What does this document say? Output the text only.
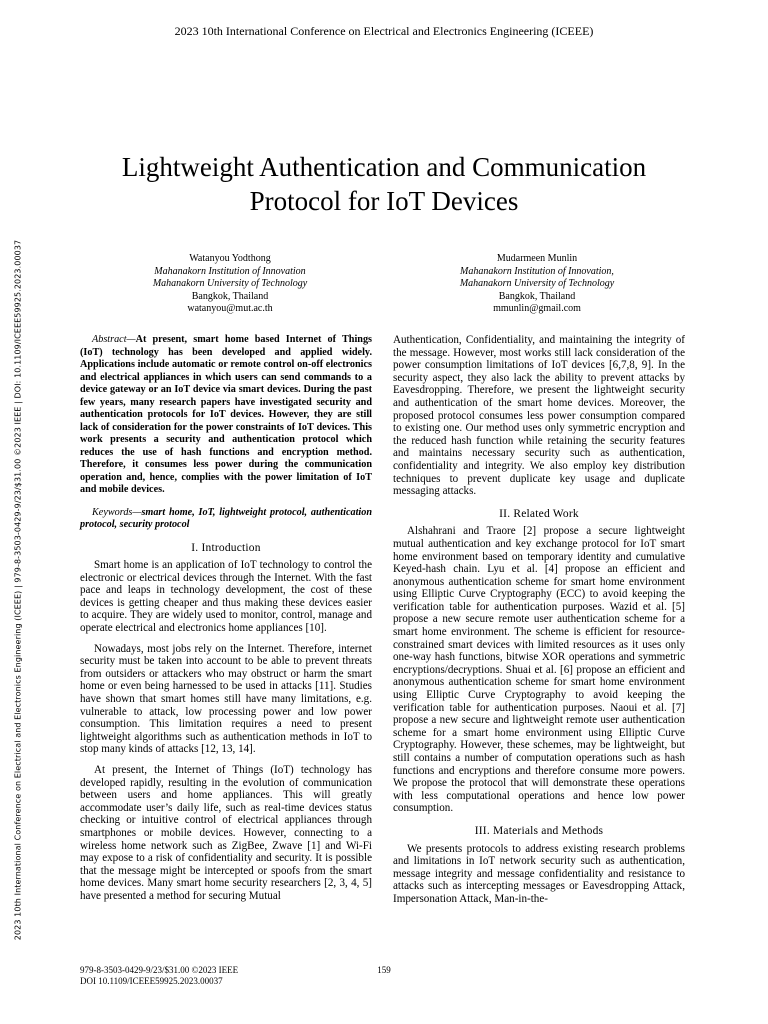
2023 10th International Conference on Electrical and Electronics Engineering (ICEEE)
2023 10th International Conference on Electrical and Electronics Engineering (ICEEE) | 979-8-3503-0429-9/23/$31.00 ©2023 IEEE | DOI: 10.1109/ICEEE59925.2023.00037
Lightweight Authentication and Communication Protocol for IoT Devices
Watanyou Yodthong
Mahanakorn Institution of Innovation
Mahanakorn University of Technology
Bangkok, Thailand
watanyou@mut.ac.th
Mudarmeen Munlin
Mahanakorn Institution of Innovation,
Mahanakorn University of Technology
Bangkok, Thailand
mmunlin@gmail.com

Abstract—At present, smart home based Internet of Things (IoT) technology has been developed and applied widely. Applications include automatic or remote control on-off electronics and electrical appliances in which users can send commands to a device gateway or an IoT device via smart devices. During the past few years, many research papers have investigated security and authentication protocols for IoT devices. However, they are still lack of consideration for the power constraints of IoT devices. This work presents a security and authentication protocol which reduces the use of hash functions and encryption method. Therefore, it consumes less power during the communication operation and, hence, complies with the power limitation of IoT and mobile devices.

Keywords—smart home, IoT, lightweight protocol, authentication protocol, security protocol

I. Introduction

Smart home is an application of IoT technology to control the electronic or electrical devices through the Internet. With the fast pace and leaps in technology development, the cost of these devices is getting cheaper and thus making these devices easier to acquire. They are widely used to monitor, control, manage and operate electrical and electronics home appliances [10].

Nowadays, most jobs rely on the Internet. Therefore, internet security must be taken into account to be able to prevent threats from outsiders or attackers who may obstruct or harm the smart home or even being harnessed to be used in attacks [11]. Studies have shown that smart homes still have many limitations, e.g. vulnerable to attack, low processing power and low power consumption. This limitation requires a need to present lightweight algorithms such as authentication methods in IoT to stop many kinds of attacks [12, 13, 14].

At present, the Internet of Things (IoT) technology has developed rapidly, resulting in the evolution of communication between users and home appliances. This will greatly accommodate user’s daily life, such as real-time devices status checking or intuitive control of electrical appliances through smartphones or mobile devices. However, connecting to a wireless home network such as ZigBee, Zwave [1] and Wi-Fi may expose to a risk of confidentiality and security. It is possible that the message might be intercepted or spoofs from the smart home devices. Many smart home security researchers [2, 3, 4, 5] have presented a method for securing Mutual

Authentication, Confidentiality, and maintaining the integrity of the message. However, most works still lack consideration of the power consumption limitations of IoT devices [6,7,8, 9]. In the security aspect, they also lack the ability to prevent attacks by Eavesdropping. Therefore, we present the lightweight security and authentication of the smart home devices. Moreover, the proposed protocol consumes less power consumption compared to existing one. Our method uses only symmetric encryption and the reduced hash function while retaining the security features and maintains necessary security such as authentication, confidentiality and integrity. We also employ key distribution techniques to prevent duplicate key usage and duplicate messaging attacks.

II. Related Work

Alshahrani and Traore [2] propose a secure lightweight mutual authentication and key exchange protocol for IoT smart home environment based on temporary identity and cumulative Keyed-hash chain. Lyu et al. [4] propose an efficient and anonymous authentication scheme for smart home environment using Elliptic Curve Cryptography (ECC) to avoid keeping the verification table for authentication purposes. Wazid et al. [5] propose a new secure remote user authentication scheme for a smart home environment. The scheme is efficient for resource-constrained smart devices with limited resources as it uses only one-way hash functions, bitwise XOR operations and symmetric encryptions/decryptions. Shuai et al. [6] propose an efficient and anonymous authentication scheme for smart home environment using Elliptic Curve Cryptography to avoid keeping the verification table for authentication purposes. Naoui et al. [7] propose a new secure and lightweight remote user authentication scheme for a smart home environment using Elliptic Curve Cryptography. However, these schemes, may be lightweight, but still contains a number of computation operations such as hash functions and encryptions and therefore consume more powers. We propose the protocol that will demonstrate these operations with less computational operations and hence low power consumption.

III. Materials and Methods

We presents protocols to address existing research problems and limitations in IoT network security such as authentication, message integrity and message confidentiality and resistance to attacks such as intercepting messages or Eavesdropping Attack, Impersonation Attack, Man-in-the-

979-8-3503-0429-9/23/$31.00 ©2023 IEEE
DOI 10.1109/ICEEE59925.2023.00037
159
